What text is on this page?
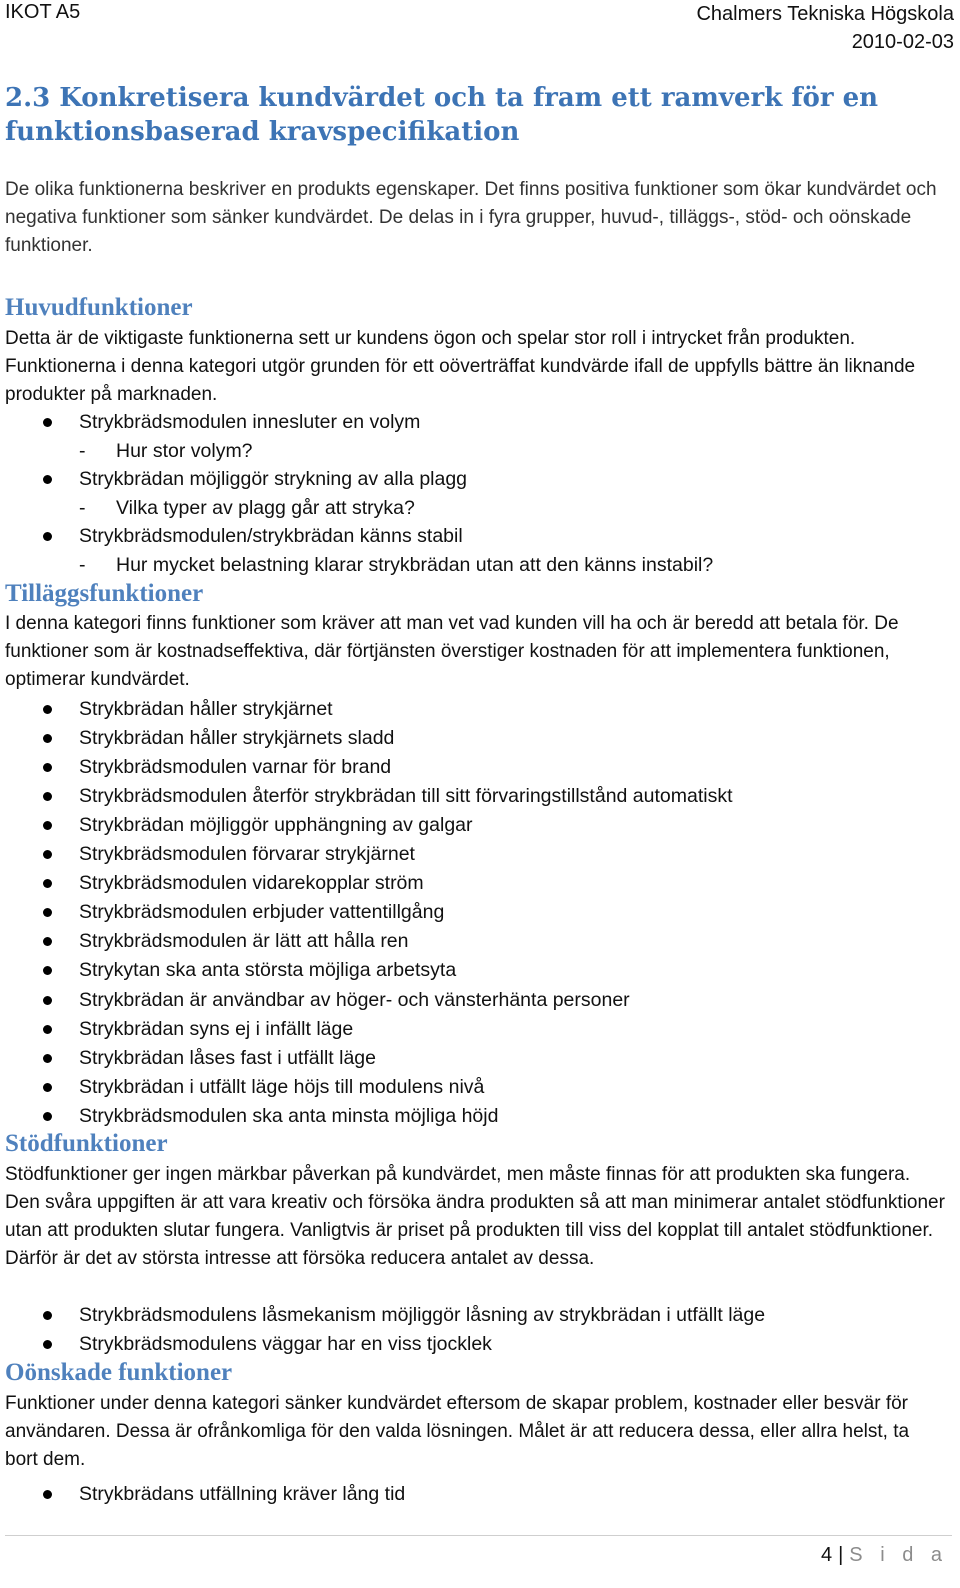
IKOT A5	Chalmers Tekniska Högskola
2010-02-03
2.3 Konkretisera kundvärdet och ta fram ett ramverk för en funktionsbaserad kravspecifikation
De olika funktionerna beskriver en produkts egenskaper. Det finns positiva funktioner som ökar kundvärdet och negativa funktioner som sänker kundvärdet. De delas in i fyra grupper, huvud-, tilläggs-, stöd- och oönskade funktioner.
Huvudfunktioner
Detta är de viktigaste funktionerna sett ur kundens ögon och spelar stor roll i intrycket från produkten. Funktionerna i denna kategori utgör grunden för ett oöverträffat kundvärde ifall de uppfylls bättre än liknande produkter på marknaden.
Strykbrädsmodulen innesluter en volym
- Hur stor volym?
Strykbrädan möjliggör strykning av alla plagg
- Vilka typer av plagg går att stryka?
Strykbrädsmodulen/strykbrädan känns stabil
- Hur mycket belastning klarar strykbrädan utan att den känns instabil?
Tilläggsfunktioner
I denna kategori finns funktioner som kräver att man vet vad kunden vill ha och är beredd att betala för. De funktioner som är kostnadseffektiva, där förtjänsten överstiger kostnaden för att implementera funktionen, optimerar kundvärdet.
Strykbrädan håller strykjärnet
Strykbrädan håller strykjärnets sladd
Strykbrädsmodulen varnar för brand
Strykbrädsmodulen återför strykbrädan till sitt förvaringstillstånd automatiskt
Strykbrädan möjliggör upphängning av galgar
Strykbrädsmodulen förvarar strykjärnet
Strykbrädsmodulen vidarekopplar ström
Strykbrädsmodulen erbjuder vattentillgång
Strykbrädsmodulen är lätt att hålla ren
Strykytan ska anta största möjliga arbetsyta
Strykbrädan är användbar av höger- och vänsterhänta personer
Strykbrädan syns ej i infällt läge
Strykbrädan låses fast i utfällt läge
Strykbrädan i utfällt läge höjs till modulens nivå
Strykbrädsmodulen ska anta minsta möjliga höjd
Stödfunktioner
Stödfunktioner ger ingen märkbar påverkan på kundvärdet, men måste finnas för att produkten ska fungera. Den svåra uppgiften är att vara kreativ och försöka ändra produkten så att man minimerar antalet stödfunktioner utan att produkten slutar fungera. Vanligtvis är priset på produkten till viss del kopplat till antalet stödfunktioner. Därför är det av största intresse att försöka reducera antalet av dessa.
Strykbrädsmodulens låsmekanism möjliggör låsning av strykbrädan i utfällt läge
Strykbrädsmodulens väggar har en viss tjocklek
Oönskade funktioner
Funktioner under denna kategori sänker kundvärdet eftersom de skapar problem, kostnader eller besvär för användaren. Dessa är ofrånkomliga för den valda lösningen. Målet är att reducera dessa, eller allra helst, ta bort dem.
Strykbrädans utfällning kräver lång tid
4 | S i d a
